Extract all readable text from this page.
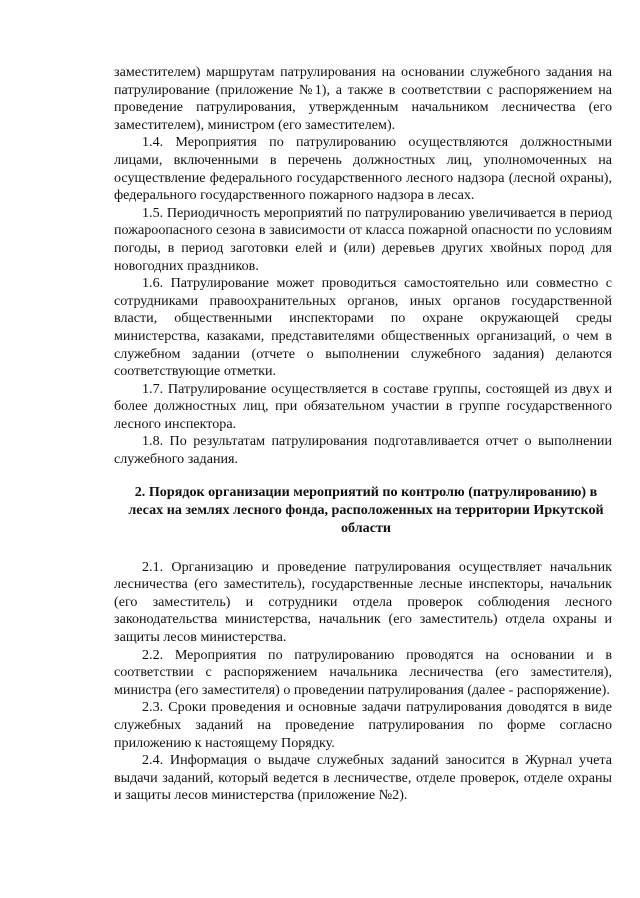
заместителем) маршрутам патрулирования на основании служебного задания на патрулирование (приложение №1), а также в соответствии с распоряжением на проведение патрулирования, утвержденным начальником лесничества (его заместителем), министром (его заместителем).

1.4. Мероприятия по патрулированию осуществляются должностными лицами, включенными в перечень должностных лиц, уполномоченных на осуществление федерального государственного лесного надзора (лесной охраны), федерального государственного пожарного надзора в лесах.

1.5. Периодичность мероприятий по патрулированию увеличивается в период пожароопасного сезона в зависимости от класса пожарной опасности по условиям погоды, в период заготовки елей и (или) деревьев других хвойных пород для новогодних праздников.

1.6. Патрулирование может проводиться самостоятельно или совместно с сотрудниками правоохранительных органов, иных органов государственной власти, общественными инспекторами по охране окружающей среды министерства, казаками, представителями общественных организаций, о чем в служебном задании (отчете о выполнении служебного задания) делаются соответствующие отметки.

1.7. Патрулирование осуществляется в составе группы, состоящей из двух и более должностных лиц, при обязательном участии в группе государственного лесного инспектора.

1.8. По результатам патрулирования подготавливается отчет о выполнении служебного задания.

2. Порядок организации мероприятий по контролю (патрулированию) в лесах на землях лесного фонда, расположенных на территории Иркутской области

2.1. Организацию и проведение патрулирования осуществляет начальник лесничества (его заместитель), государственные лесные инспекторы, начальник (его заместитель) и сотрудники отдела проверок соблюдения лесного законодательства министерства, начальник (его заместитель) отдела охраны и защиты лесов министерства.

2.2. Мероприятия по патрулированию проводятся на основании и в соответствии с распоряжением начальника лесничества (его заместителя), министра (его заместителя) о проведении патрулирования (далее - распоряжение).

2.3. Сроки проведения и основные задачи патрулирования доводятся в виде служебных заданий на проведение патрулирования по форме согласно приложению к настоящему Порядку.

2.4. Информация о выдаче служебных заданий заносится в Журнал учета выдачи заданий, который ведется в лесничестве, отделе проверок, отделе охраны и защиты лесов министерства (приложение №2).
